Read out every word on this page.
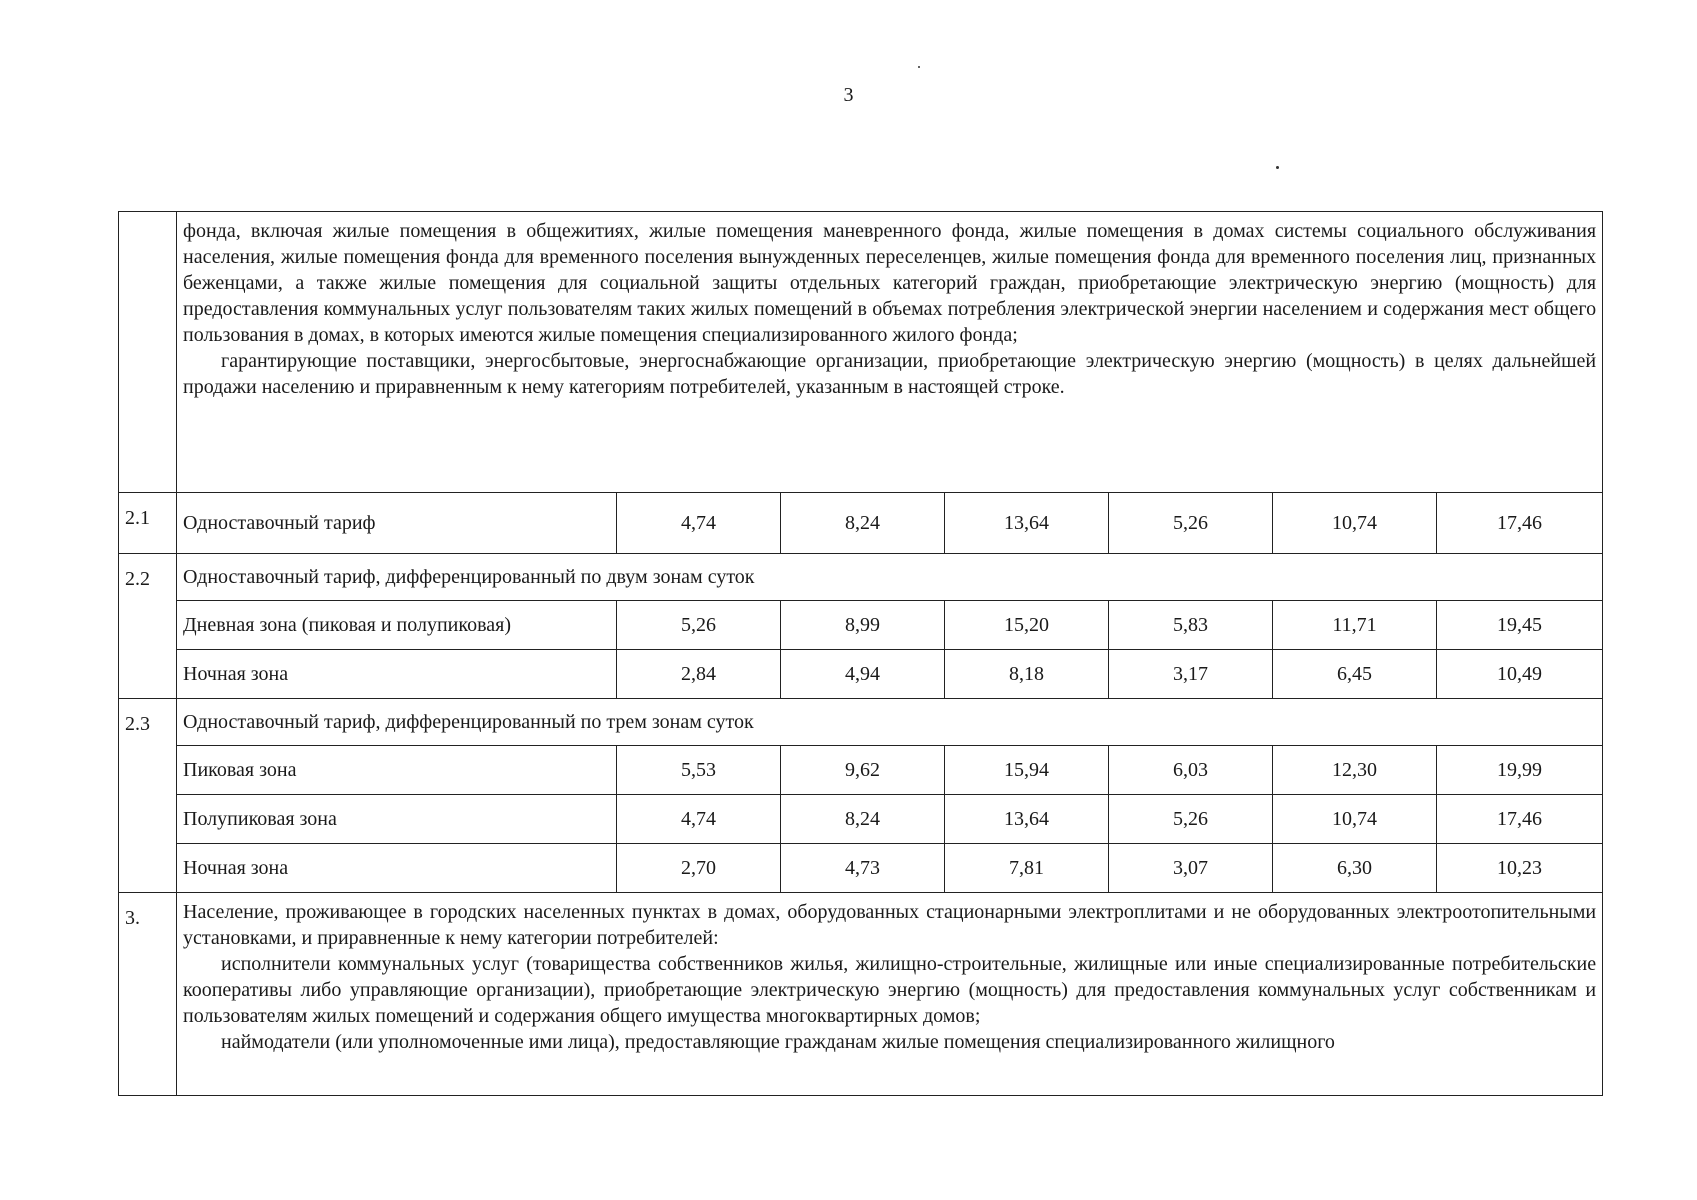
3

	фонда, включая жилые помещения в общежитиях, жилые помещения маневренного фонда, жилые помещения в домах системы социального обслуживания населения, жилые помещения фонда для временного поселения вынужденных переселенцев, жилые помещения фонда для временного поселения лиц, признанных беженцами, а также жилые помещения для социальной защиты отдельных категорий граждан, приобретающие электрическую энергию (мощность) для предоставления коммунальных услуг пользователям таких жилых помещений в объемах потребления электрической энергии населением и содержания мест общего пользования в домах, в которых имеются жилые помещения специализированного жилого фонда;
гарантирующие поставщики, энергосбытовые, энергоснабжающие организации, приобретающие электрическую энергию (мощность) в целях дальнейшей продажи населению и приравненным к нему категориям потребителей, указанным в настоящей строке.						

2.1	Одноставочный тариф	4,74	8,24	13,64	5,26	10,74	17,46
2.2	Одноставочный тариф, дифференцированный по двум зонам суток						
	Дневная зона (пиковая и полупиковая)	5,26	8,99	15,20	5,83	11,71	19,45
	Ночная зона	2,84	4,94	8,18	3,17	6,45	10,49
2.3	Одноставочный тариф, дифференцированный по трем зонам суток						
	Пиковая зона	5,53	9,62	15,94	6,03	12,30	19,99
	Полупиковая зона	4,74	8,24	13,64	5,26	10,74	17,46
	Ночная зона	2,70	4,73	7,81	3,07	6,30	10,23
3.	Население, проживающее в городских населенных пунктах в домах, оборудованных стационарными электроплитами и не оборудованных электроотопительными установками, и приравненные к нему категории потребителей:
исполнители коммунальных услуг (товарищества собственников жилья, жилищно-строительные, жилищные или иные специализированные потребительские кооперативы либо управляющие организации), приобретающие электрическую энергию (мощность) для предоставления коммунальных услуг собственникам и пользователям жилых помещений и содержания общего имущества многоквартирных домов;
наймодатели (или уполномоченные ими лица), предоставляющие гражданам жилые помещения специализированного жилищного						
